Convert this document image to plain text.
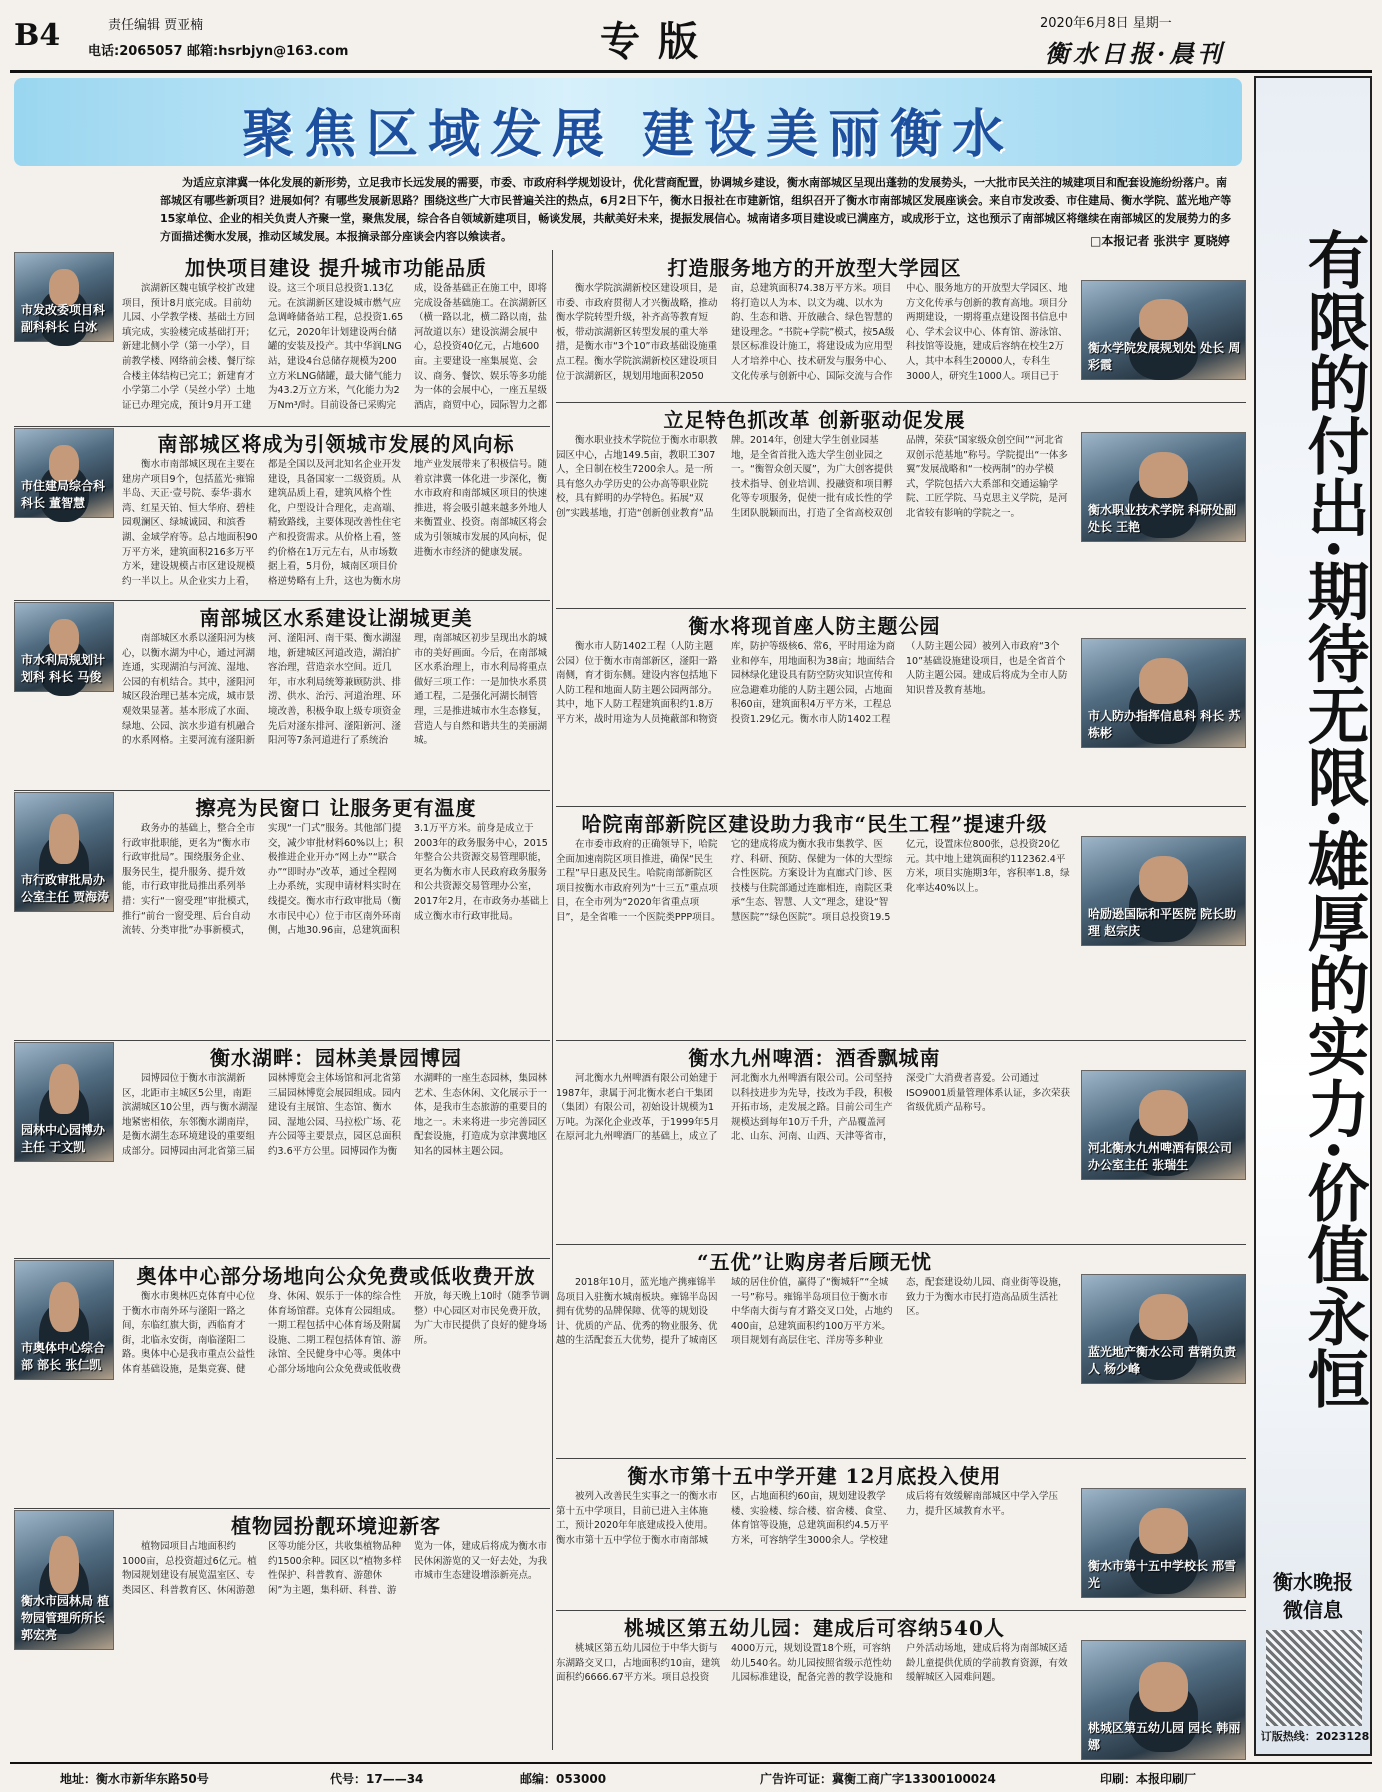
B4	责任编辑 贾亚楠
电话:2065057 邮箱:hsrbjyn@163.com	专版	2020年6月8日 星期一
衡水日报·晨刊
聚焦区域发展 建设美丽衡水
为适应京津冀一体化发展的新形势，立足我市长远发展的需要，市委、市政府科学规划设计，优化营商配置，协调城乡建设，衡水南部城区呈现出蓬勃的发展势头，一大批市民关注的城建项目和配套设施纷纷落户。南部城区有哪些新项目？进展如何？有哪些发展新思路？围绕这些广大市民普遍关注的热点，6月2日下午，衡水日报社在市建新馆，组织召开了衡水市南部城区发展座谈会。来自市发改委、市住建局、衡水学院、蓝光地产等15家单位、企业的相关负责人齐聚一堂，聚焦发展，综合各自领域新建项目，畅谈发展，共献美好未来，提振发展信心。城南诸多项目建设或已满座方，或成形于立，这也预示了南部城区将继续在南部城区的发展势力的多方面描述衡水发展，推动区域发展。本报摘录部分座谈会内容以飨读者。	□本报记者 张洪宇 夏晓婷	有限的付出·期待无限·雄厚的实力·价值永恒
衡水晚报
微信息
订版热线：2023128
市发改委项目科 副科科长 白冰
加快项目建设 提升城市功能品质
滨湖新区魏屯镇学校扩改建项目，预计8月底完成。目前幼儿园、小学教学楼、基础土方回填完成，实验楼完成基础打开；新建北侧小学（第一小学），目前教学楼、网络前会楼、餐厅综合楼主体结构已完工；新建育才小学第二小学（吴丝小学）土地证已办理完成，预计9月开工建设。这三个项目总投资1.13亿元。在滨湖新区建设城市燃气应急调峰储备站工程，总投资1.65亿元，2020年计划建设两台储罐的安装及投产。其中华润LNG站，建设4台总储存规模为200立方米LNG储罐，最大储气能力为43.2万立方米，气化能力为2万Nm³/时。目前设备已采购完成，设备基础正在施工中，即将完成设备基础施工。在滨湖新区（横一路以北，横二路以南，盐河故道以东）建设滨湖会展中心，总投资40亿元，占地600亩。主要建设一座集展览、会议、商务、餐饮、娱乐等多功能为一体的会展中心，一座五星级酒店，商贸中心，园际智力之都
衡水学院发展规划处 处长 周彩霞
打造服务地方的开放型大学园区
衡水学院滨湖新校区建设项目，是市委、市政府贯彻人才兴衡战略，推动衡水学院转型升级，补齐高等教育短板，带动滨湖新区转型发展的重大举措，是衡水市“3个10”市政基础设施重点工程。衡水学院滨湖新校区建设项目位于滨湖新区，规划用地面积2050亩，总建筑面积74.38万平方米。项目将打造以人为本、以文为魂、以水为韵、生态和谐、开放融合、绿色智慧的建设理念。“书院+学院”模式，按5A级景区标准设计施工，将建设成为应用型人才培养中心、技术研发与服务中心、文化传承与创新中心、国际交流与合作中心、服务地方的开放型大学园区、地方文化传承与创新的教育高地。项目分两期建设，一期将重点建设图书信息中心、学术会议中心、体育馆、游泳馆、科技馆等设施，建成后容纳在校生2万人，其中本科生20000人，专科生3000人，研究生1000人。项目已于
市住建局综合科 科长 董智慧
南部城区将成为引领城市发展的风向标
衡水市南部城区现在主要在建房产项目9个，包括蓝光·雍锦半岛、天正·壹号院、泰华·翡水湾、红星天铂、恒大华府、碧桂园观澜区、绿城诚园、和滨香湖、金域学府等。总占地面积90万平方米，建筑面积216多万平方米，建设规模占市区建设规模约一半以上。从企业实力上看，都是全国以及河北知名企业开发建设，具备国家一二级资质。从建筑品质上看，建筑风格个性化，户型设计合理化，走高端、精致路线，主要体现改善性住宅产和投资需求。从价格上看，签约价格在1万元左右，从市场数据上看，5月份，城南区项目价格逆势略有上升，这也为衡水房地产业发展带来了积极信号。随着京津冀一体化进一步深化，衡水市政府和南部城区项目的快速推进，将会吸引越来越多外地人来衡置业、投资。南部城区将会成为引领城市发展的风向标，促进衡水市经济的健康发展。
衡水职业技术学院 科研处副处长 王艳
立足特色抓改革 创新驱动促发展
衡水职业技术学院位于衡水市职教园区中心，占地149.5亩，教职工307人，全日制在校生7200余人。是一所具有悠久办学历史的公办高等职业院校，具有鲜明的办学特色。拓展“双创”实践基地，打造“创新创业教育”品牌。2014年，创建大学生创业园基地，是全省首批入选大学生创业园之一。“衡智众创天厦”，为广大创客提供技术指导、创业培训、投融资和项目孵化等专项服务，促使一批有成长性的学生团队脱颖而出，打造了全省高校双创品牌，荣获“国家级众创空间”“河北省双创示范基地”称号。学院提出“一体多翼”发展战略和“一校两制”的办学模式，学院包括六大系部和交通运输学院、工匠学院、马克思主义学院，是河北省较有影响的学院之一。
市水利局规划计划科 科长 马俊
南部城区水系建设让湖城更美
南部城区水系以滏阳河为核心，以衡水湖为中心，通过河湖连通，实现湖泊与河流、湿地、公园的有机结合。其中，滏阳河城区段治理已基本完成，城市景观效果显著。基本形成了水面、绿地、公园、滨水步道有机融合的水系网格。主要河流有滏阳新河、滏阳河、南干渠、衡水湖湿地，新建城区河道改造，湖泊扩容治理，营造亲水空间。近几年，市水利局统筹兼顾防洪、排涝、供水、治污、河道治理、环境改善，积极争取上级专项资金先后对滏东排河、滏阳新河、滏阳河等7条河道进行了系统治理，南部城区初步呈现出水韵城市的美好画面。今后，在南部城区水系治理上，市水利局将重点做好三项工作：一是加快水系贯通工程，二是强化河湖长制管理，三是推进城市水生态修复，营造人与自然和谐共生的美丽湖城。
市人防办指挥信息科 科长 苏栋彬
衡水将现首座人防主题公园
衡水市人防1402工程（人防主题公园）位于衡水市南部新区，滏阳一路南侧，育才街东侧。建设内容包括地下人防工程和地面人防主题公园两部分。其中，地下人防工程建筑面积约1.8万平方米，战时用途为人员掩蔽部和物资库，防护等级核6、常6，平时用途为商业和停车，用地面积为38亩；地面结合园林绿化建设具有防空防灾知识宣传和应急避难功能的人防主题公园，占地面积60亩，建筑面积4万平方米，工程总投资1.29亿元。衡水市人防1402工程（人防主题公园）被列入市政府“3个10”基础设施建设项目，也是全省首个人防主题公园。建成后将成为全市人防知识普及教育基地。
市行政审批局办公室主任 贾海涛
擦亮为民窗口 让服务更有温度
政务办的基础上，整合全市行政审批职能，更名为“衡水市行政审批局”。围绕服务企业、服务民生，提升服务、提升效能，市行政审批局推出系列举措：实行“一窗受理”审批模式，推行“前台一窗受理、后台自动流转、分类审批”办事新模式，实现“一门式”服务。其他部门提交，减少审批材料60%以上；积极推进企业开办“网上办”“联合办”“即时办”改革，通过全程网上办系统，实现申请材料实时在线提交。衡水市行政审批局（衡水市民中心）位于市区南外环南侧，占地30.96亩，总建筑面积3.1万平方米。前身是成立于2003年的政务服务中心，2015年整合公共资源交易管理职能，更名为衡水市人民政府政务服务和公共资源交易管理办公室，2017年2月，在市政务办基础上成立衡水市行政审批局。	哈励逊国际和平医院 院长助理 赵宗庆
哈院南部新院区建设助力我市“民生工程”提速升级
在市委市政府的正确领导下，哈院全面加速南院区项目推进，确保“民生工程”早日惠及民生。哈院南部新院区项目按衡水市政府列为“十三五”重点项目，在全市列为“2020年省重点项目”，是全省唯一一个医院类PPP项目。它的建成将成为衡水我市集教学、医疗、科研、预防、保健为一体的大型综合性医院。方案设计为直廊式门诊、医技楼与住院部通过连廊相连，南院区秉承“生态、智慧、人文”理念，建设“智慧医院”“绿色医院”。项目总投资19.5亿元，设置床位800张，总投资20亿元。其中地上建筑面积约112362.4平方米，项目实施期3年，容积率1.8，绿化率达40%以上。
园林中心园博办 主任 于文凯
衡水湖畔：园林美景园博园
园博园位于衡水市滨湖新区，北距市主城区5公里，南距滨湖城区10公里，西与衡水湖湿地紧密相依，东邻衡水湖南岸，是衡水湖生态环境建设的重要组成部分。园博园由河北省第三届园林博览会主体场馆和河北省第三届园林博览会展园组成。园内建设有主展馆、生态馆、衡水园、湿地公园、马拉松广场、花卉公园等主要景点，园区总面积约3.6平方公里。园博园作为衡水湖畔的一座生态园林，集园林艺术、生态休闲、文化展示于一体，是我市生态旅游的重要目的地之一。未来将进一步完善园区配套设施，打造成为京津冀地区知名的园林主题公园。	河北衡水九州啤酒有限公司 办公室主任 张瑞生
衡水九州啤酒：酒香飘城南
河北衡水九州啤酒有限公司始建于1987年，隶属于河北衡水老白干集团（集团）有限公司，初始设计规模为1万吨。为深化企业改革，于1999年5月在原河北九州啤酒厂的基础上，成立了河北衡水九州啤酒有限公司。公司坚持以科技进步为先导，技改为手段，积极开拓市场，走发展之路。目前公司生产规模达到每年10万千升，产品覆盖河北、山东、河南、山西、天津等省市，深受广大消费者喜爱。公司通过ISO9001质量管理体系认证，多次荣获省级优质产品称号。
蓝光地产衡水公司 营销负责人 杨少峰
“五优”让购房者后顾无忧
2018年10月，蓝光地产携雍锦半岛项目入驻衡水城南板块。雍锦半岛因拥有优势的品牌保障、优等的规划设计、优质的产品、优秀的物业服务、优越的生活配套五大优势，提升了城南区域的居住价值，赢得了“衡城轩”“全城一号”称号。雍锦半岛项目位于衡水市中华南大街与育才路交叉口处，占地约400亩，总建筑面积约100万平方米。项目规划有高层住宅、洋房等多种业态，配套建设幼儿园、商业街等设施，致力于为衡水市民打造高品质生活社区。
市奥体中心综合部 部长 张仁凯
奥体中心部分场地向公众免费或低收费开放
衡水市奥林匹克体育中心位于衡水市南外环与滏阳一路之间，东临红旗大街，西临育才街，北临永安街，南临滏阳二路。奥体中心是我市重点公益性体育基础设施，是集竞赛、健身、休闲、娱乐于一体的综合性体育场馆群。克体育公园组成。一期工程包括中心体育场及附属设施、二期工程包括体育馆、游泳馆、全民健身中心等。奥体中心部分场地向公众免费或低收费开放，每天晚上10时（随季节调整）中心园区对市民免费开放，为广大市民提供了良好的健身场所。
衡水市第十五中学校长 邢雪光
衡水市第十五中学开建 12月底投入使用
被列入改善民生实事之一的衡水市第十五中学项目，目前已进入主体施工，预计2020年年底建成投入使用。衡水市第十五中学位于衡水市南部城区，占地面积约60亩，规划建设教学楼、实验楼、综合楼、宿舍楼、食堂、体育馆等设施，总建筑面积约4.5万平方米，可容纳学生3000余人。学校建成后将有效缓解南部城区中学入学压力，提升区域教育水平。
衡水市园林局 植物园管理所所长 郭宏亮
植物园扮靓环境迎新客
植物园项目占地面积约1000亩，总投资超过6亿元。植物园规划建设有展览温室区、专类园区、科普教育区、休闲游憩区等功能分区，共收集植物品种约1500余种。园区以“植物多样性保护、科普教育、游憩休闲”为主题，集科研、科普、游览为一体，建成后将成为衡水市民休闲游览的又一好去处，为我市城市生态建设增添新亮点。
桃城区第五幼儿园 园长 韩丽娜
桃城区第五幼儿园：建成后可容纳540人
桃城区第五幼儿园位于中华大街与东湖路交叉口，占地面积约10亩，建筑面积约6666.67平方米。项目总投资4000万元，规划设置18个班，可容纳幼儿540名。幼儿园按照省级示范性幼儿园标准建设，配备完善的教学设施和户外活动场地，建成后将为南部城区适龄儿童提供优质的学前教育资源，有效缓解城区入园难问题。
地址：衡水市新华东路50号	代号：17——34	邮编：053000	广告许可证：冀衡工商广字13300100024	印刷：本报印刷厂
